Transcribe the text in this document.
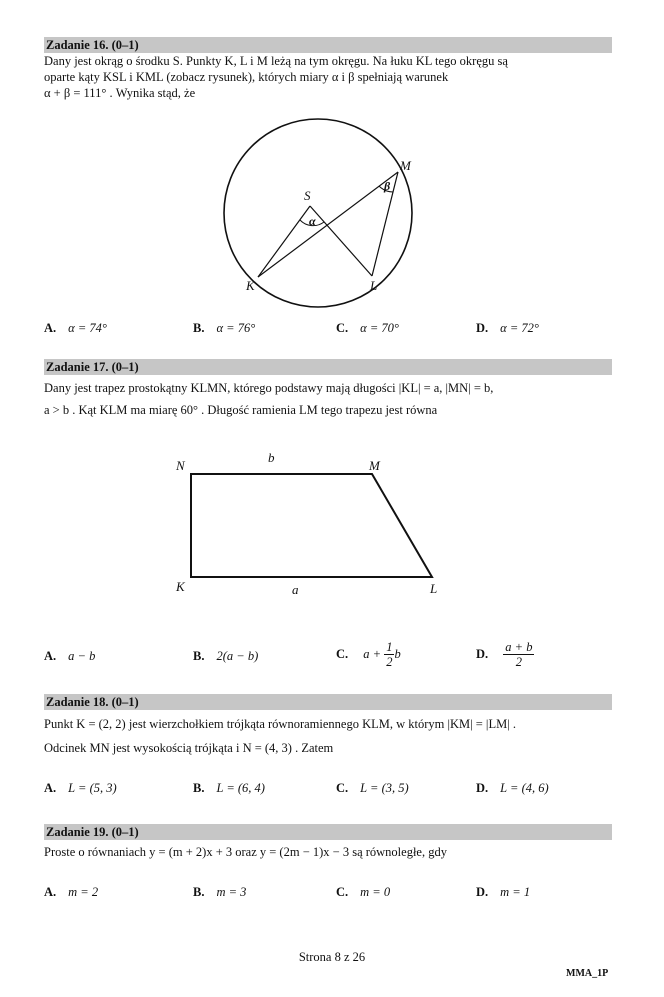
Zadanie 16. (0–1)
Dany jest okrąg o środku S. Punkty K, L i M leżą na tym okręgu. Na łuku KL tego okręgu są
oparte kąty KSL i KML (zobacz rysunek), których miary α i β spełniają warunek
α + β = 111° . Wynika stąd, że
S
M
K	L
α
β
A. α = 74°	B. α = 76°	C. α = 70°	D. α = 72°
Zadanie 17. (0–1)
Dany jest trapez prostokątny KLMN, którego podstawy mają długości |KL| = a, |MN| = b,
a > b . Kąt KLM ma miarę 60° . Długość ramienia LM tego trapezu jest równa
N	M
K	L
b
a
A. a − b	B. 2(a − b)	C. $a + \frac{1}{2}$ b	D. $\frac{a + b}{2}$
Zadanie 18. (0–1)
Punkt K = (2, 2) jest wierzchołkiem trójkąta równoramiennego KLM, w którym |KM| = |LM| .
Odcinek MN jest wysokością trójkąta i N = (4, 3) . Zatem
A. L = (5, 3)	B. L = (6, 4)	C. L = (3, 5)	D. L = (4, 6)
Zadanie 19. (0–1)
Proste o równaniach y = (m + 2)x + 3 oraz y = (2m − 1)x − 3 są równoległe, gdy
A. m = 2	B. m = 3	C. m = 0	D. m = 1
Strona 8 z 26
MMA_1P
